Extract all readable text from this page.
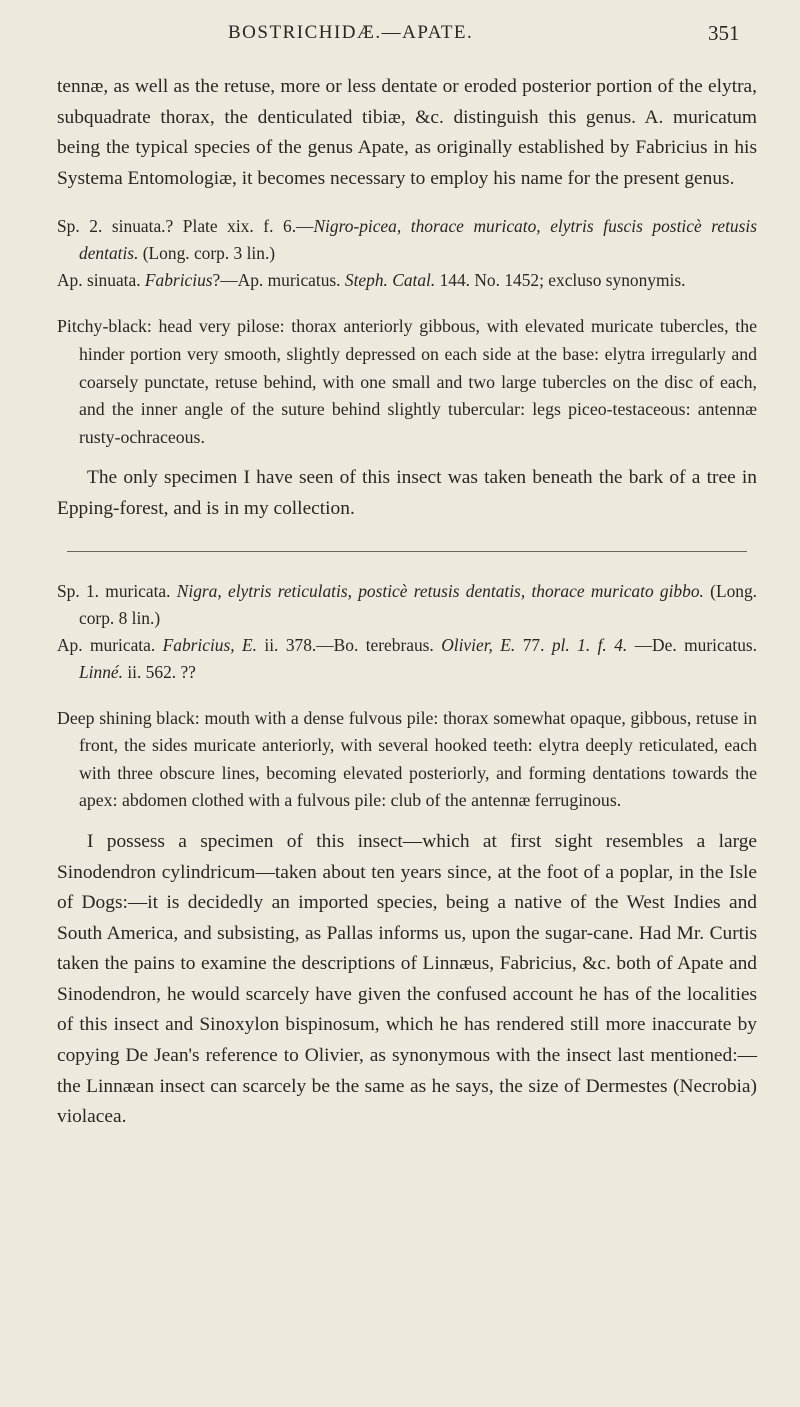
BOSTRICHIDÆ.—APATE.	351

tennæ, as well as the retuse, more or less dentate or eroded posterior portion of the elytra, subquadrate thorax, the denticulated tibiæ, &c. distinguish this genus. A. muricatum being the typical species of the genus Apate, as originally established by Fabricius in his Systema Entomologiæ, it becomes necessary to employ his name for the present genus.

Sp. 2. sinuata.? Plate xix. f. 6.—Nigro-picea, thorace muricato, elytris fuscis posticè retusis dentatis. (Long. corp. 3 lin.)

Ap. sinuata. Fabricius?—Ap. muricatus. Steph. Catal. 144. No. 1452; excluso synonymis.

Pitchy-black: head very pilose: thorax anteriorly gibbous, with elevated muricate tubercles, the hinder portion very smooth, slightly depressed on each side at the base: elytra irregularly and coarsely punctate, retuse behind, with one small and two large tubercles on the disc of each, and the inner angle of the suture behind slightly tubercular: legs piceo-testaceous: antennæ rusty-ochraceous.

The only specimen I have seen of this insect was taken beneath the bark of a tree in Epping-forest, and is in my collection.

Sp. 1. muricata. Nigra, elytris reticulatis, posticè retusis dentatis, thorace muricato gibbo. (Long. corp. 8 lin.)

Ap. muricata. Fabricius, E. ii. 378.—Bo. terebraus. Olivier, E. 77. pl. 1. f. 4. —De. muricatus. Linné. ii. 562. ??

Deep shining black: mouth with a dense fulvous pile: thorax somewhat opaque, gibbous, retuse in front, the sides muricate anteriorly, with several hooked teeth: elytra deeply reticulated, each with three obscure lines, becoming elevated posteriorly, and forming dentations towards the apex: abdomen clothed with a fulvous pile: club of the antennæ ferruginous.

I possess a specimen of this insect—which at first sight resembles a large Sinodendron cylindricum—taken about ten years since, at the foot of a poplar, in the Isle of Dogs:—it is decidedly an imported species, being a native of the West Indies and South America, and subsisting, as Pallas informs us, upon the sugar-cane. Had Mr. Curtis taken the pains to examine the descriptions of Linnæus, Fabricius, &c. both of Apate and Sinodendron, he would scarcely have given the confused account he has of the localities of this insect and Sinoxylon bispinosum, which he has rendered still more inaccurate by copying De Jean's reference to Olivier, as synonymous with the insect last mentioned:—the Linnæan insect can scarcely be the same as he says, the size of Dermestes (Necrobia) violacea.
